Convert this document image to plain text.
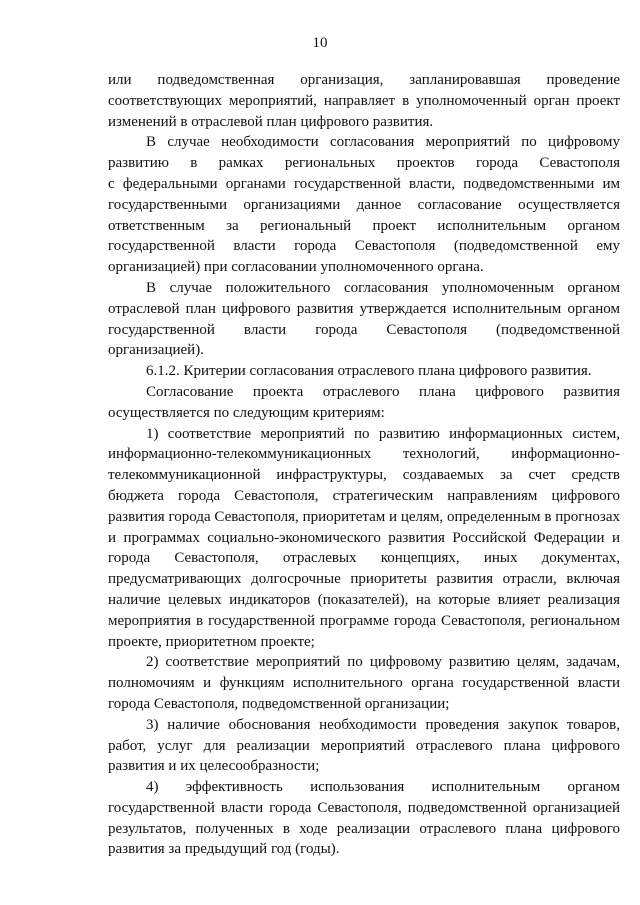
10
или подведомственная организация, запланировавшая проведение
соответствующих мероприятий, направляет в уполномоченный орган проект
изменений в отраслевой план цифрового развития.
В случае необходимости согласования мероприятий по цифровому
развитию в рамках региональных проектов города Севастополя
с федеральными органами государственной власти, подведомственными им
государственными организациями данное согласование осуществляется
ответственным за региональный проект исполнительным органом
государственной власти города Севастополя (подведомственной ему
организацией) при согласовании уполномоченного органа.
В случае положительного согласования уполномоченным органом
отраслевой план цифрового развития утверждается исполнительным органом
государственной власти города Севастополя (подведомственной
организацией).
6.1.2. Критерии согласования отраслевого плана цифрового развития.
Согласование проекта отраслевого плана цифрового развития
осуществляется по следующим критериям:
1) соответствие мероприятий по развитию информационных систем,
информационно-телекоммуникационных технологий, информационно-
телекоммуникационной инфраструктуры, создаваемых за счет средств
бюджета города Севастополя, стратегическим направлениям цифрового
развития города Севастополя, приоритетам и целям, определенным в прогнозах
и программах социально-экономического развития Российской Федерации и
города Севастополя, отраслевых концепциях, иных документах,
предусматривающих долгосрочные приоритеты развития отрасли, включая
наличие целевых индикаторов (показателей), на которые влияет реализация
мероприятия в государственной программе города Севастополя, региональном
проекте, приоритетном проекте;
2) соответствие мероприятий по цифровому развитию целям, задачам,
полномочиям и функциям исполнительного органа государственной власти
города Севастополя, подведомственной организации;
3) наличие обоснования необходимости проведения закупок товаров,
работ, услуг для реализации мероприятий отраслевого плана цифрового
развития и их целесообразности;
4) эффективность использования исполнительным органом
государственной власти города Севастополя, подведомственной организацией
результатов, полученных в ходе реализации отраслевого плана цифрового
развития за предыдущий год (годы).
